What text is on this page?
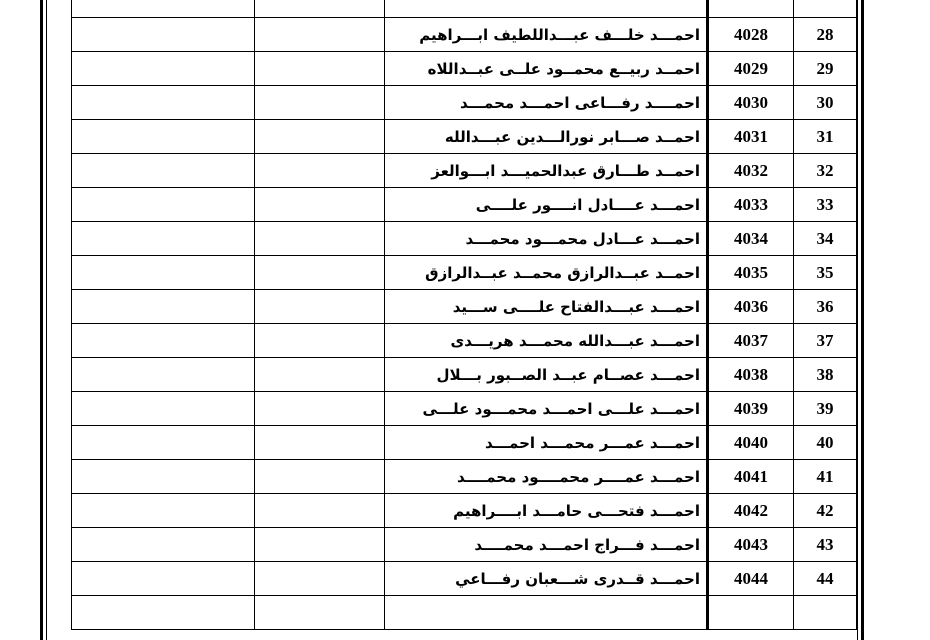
		احمـــد خلـــف عبـــداللطيف ابـــراهيم	4028	28
		احمــد ربيــع محمــود علــى عبــداللاه	4029	29
		احمــــد رفـــاعى احمـــد محمـــد	4030	30
		احمــد صـــابر نورالـــدين عبـــدالله	4031	31
		احمــد طـــارق عبدالحميـــد ابـــوالعز	4032	32
		احمـــد عــــادل انــــور علــــى	4033	33
		احمـــد عـــادل محمـــود محمـــد	4034	34
		احمــد عبــدالرازق محمــد عبــدالرازق	4035	35
		احمـــد عبـــدالفتاح علــــى ســـيد	4036	36
		احمـــد عبـــدالله محمـــد هريـــدى	4037	37
		احمـــد عصــام عبــد الصــبور بـــلال	4038	38
		احمـــد علـــى احمـــد محمـــود علـــى	4039	39
		احمـــد عمـــر محمـــد احمـــد	4040	40
		احمـــد عمــــر محمــــود محمــــد	4041	41
		احمـــد فتحـــى حامـــد ابــــراهيم	4042	42
		احمـــد فـــراج احمـــد محمــــد	4043	43
		احمـــد قــدرى شـــعبان رفـــاعي	4044	44
